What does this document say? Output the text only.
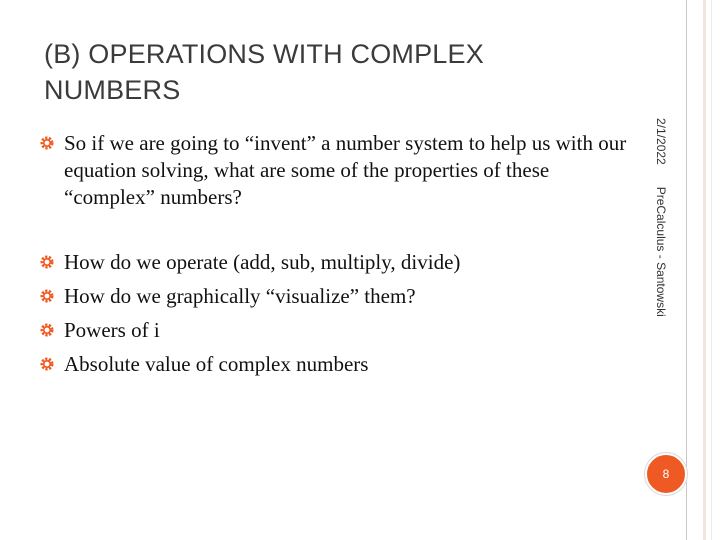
(B) OPERATIONS WITH COMPLEX NUMBERS
So if we are going to “invent” a number system to help us with our equation solving, what are some of the properties of these “complex” numbers?
How do we operate (add, sub, multiply, divide)
How do we graphically “visualize” them?
Powers of i
Absolute value of complex numbers
2/1/2022PreCalculus - Santowski
8
